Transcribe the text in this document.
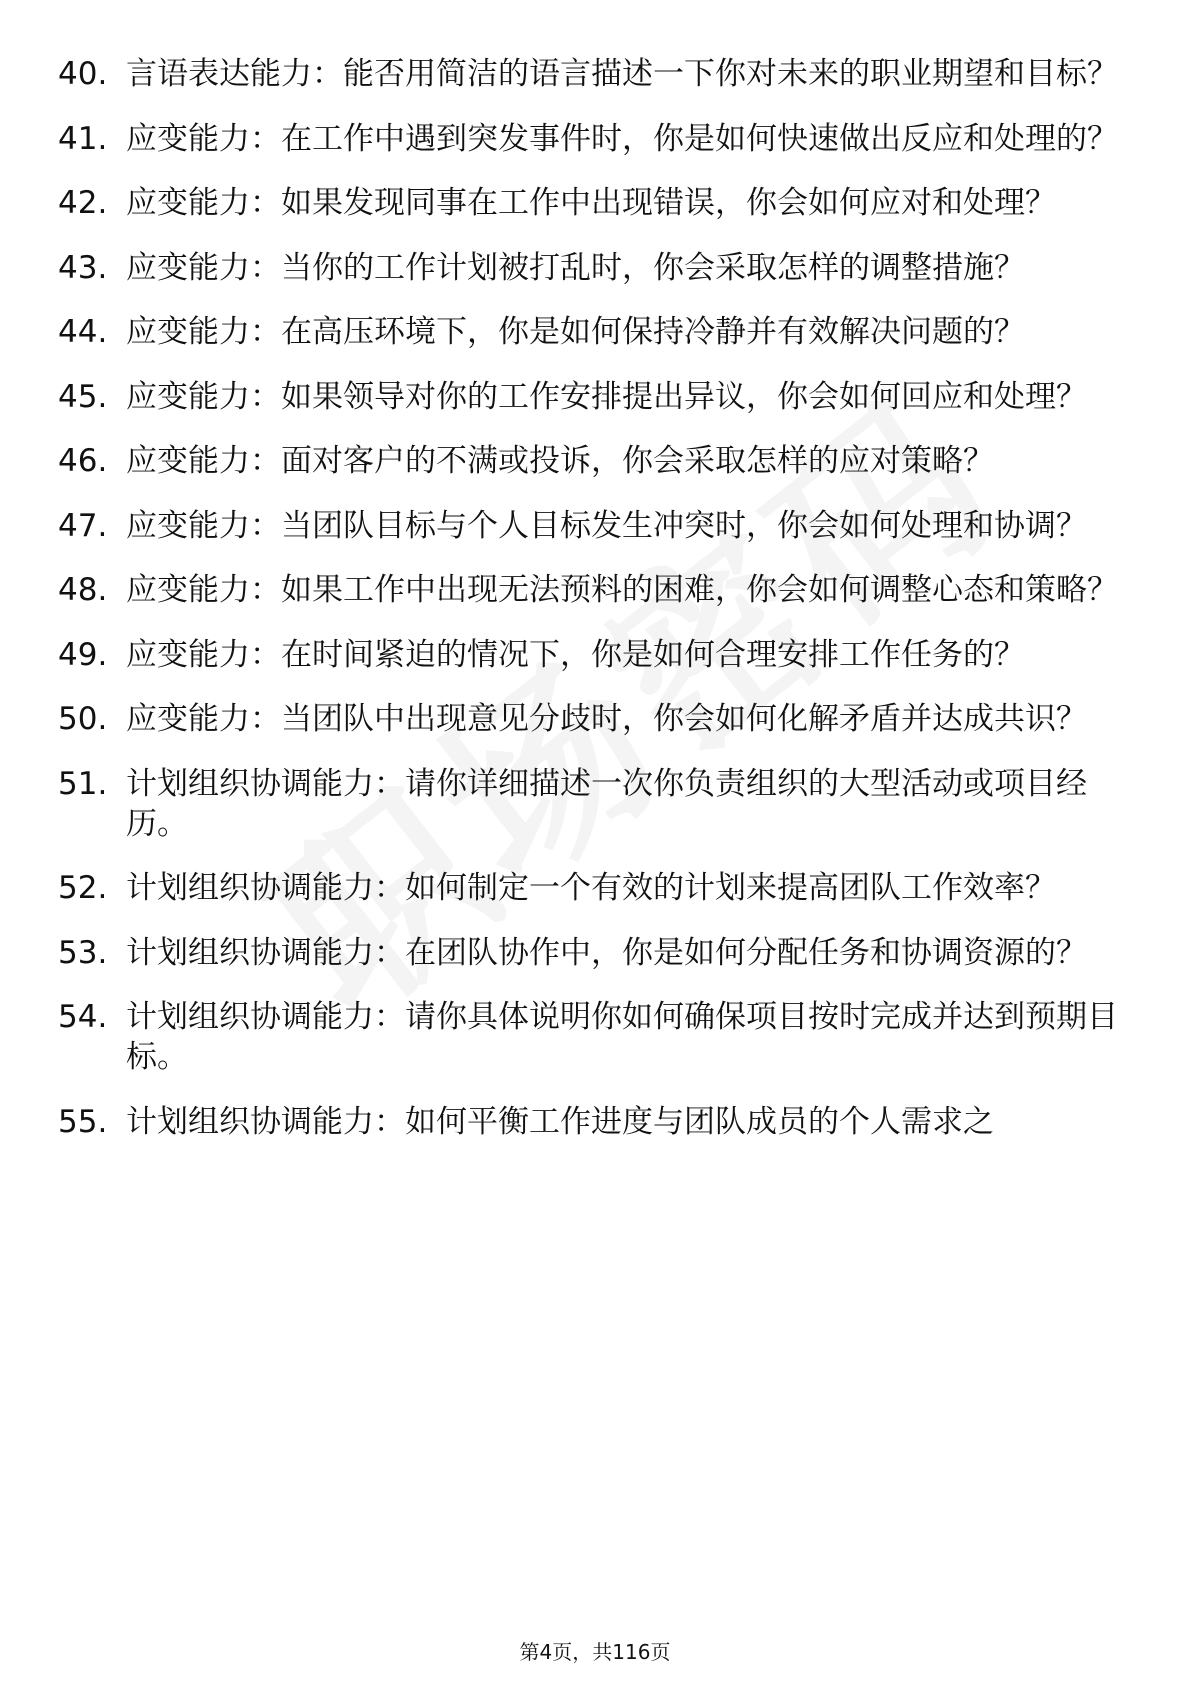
40. 言语表达能力：能否用简洁的语言描述一下你对未来的职业期望和目标？
41. 应变能力：在工作中遇到突发事件时，你是如何快速做出反应和处理的？
42. 应变能力：如果发现同事在工作中出现错误，你会如何应对和处理？
43. 应变能力：当你的工作计划被打乱时，你会采取怎样的调整措施？
44. 应变能力：在高压环境下，你是如何保持冷静并有效解决问题的？
45. 应变能力：如果领导对你的工作安排提出异议，你会如何回应和处理？
46. 应变能力：面对客户的不满或投诉，你会采取怎样的应对策略？
47. 应变能力：当团队目标与个人目标发生冲突时，你会如何处理和协调？
48. 应变能力：如果工作中出现无法预料的困难，你会如何调整心态和策略？
49. 应变能力：在时间紧迫的情况下，你是如何合理安排工作任务的？
50. 应变能力：当团队中出现意见分歧时，你会如何化解矛盾并达成共识？
51. 计划组织协调能力：请你详细描述一次你负责组织的大型活动或项目经历。
52. 计划组织协调能力：如何制定一个有效的计划来提高团队工作效率？
53. 计划组织协调能力：在团队协作中，你是如何分配任务和协调资源的？
54. 计划组织协调能力：请你具体说明你如何确保项目按时完成并达到预期目标。
55. 计划组织协调能力：如何平衡工作进度与团队成员的个人需求之
第4页，共116页
